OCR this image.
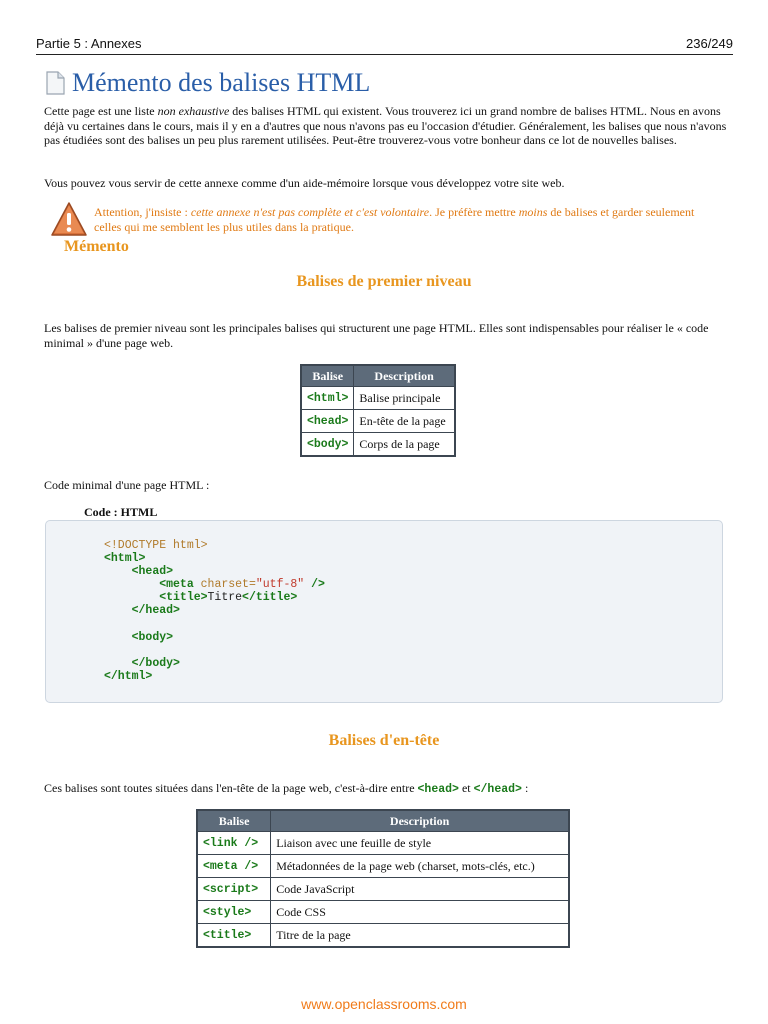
Partie 5 : Annexes	236/249
Mémento des balises HTML
Cette page est une liste non exhaustive des balises HTML qui existent. Vous trouverez ici un grand nombre de balises HTML. Nous en avons déjà vu certaines dans le cours, mais il y en a d'autres que nous n'avons pas eu l'occasion d'étudier. Généralement, les balises que nous n'avons pas étudiées sont des balises un peu plus rarement utilisées. Peut-être trouverez-vous votre bonheur dans ce lot de nouvelles balises.
Vous pouvez vous servir de cette annexe comme d'un aide-mémoire lorsque vous développez votre site web.
Attention, j'insiste : cette annexe n'est pas complète et c'est volontaire. Je préfère mettre moins de balises et garder seulement celles qui me semblent les plus utiles dans la pratique.
Mémento
Balises de premier niveau
Les balises de premier niveau sont les principales balises qui structurent une page HTML. Elles sont indispensables pour réaliser le « code minimal » d'une page web.
Balise	Description
<html>	Balise principale
<head>	En-tête de la page
<body>	Corps de la page
Code minimal d'une page HTML :
Code : HTML
<!DOCTYPE html>
<html>
<head>
<meta charset="utf-8" />
<title>Titre</title>
</head>

<body>

</body>
</html>
Balises d'en-tête
Ces balises sont toutes situées dans l'en-tête de la page web, c'est-à-dire entre <head> et </head> :
Balise	Description
<link />	Liaison avec une feuille de style
<meta />	Métadonnées de la page web (charset, mots-clés, etc.)
<script>	Code JavaScript
<style>	Code CSS
<title>	Titre de la page
www.openclassrooms.com
